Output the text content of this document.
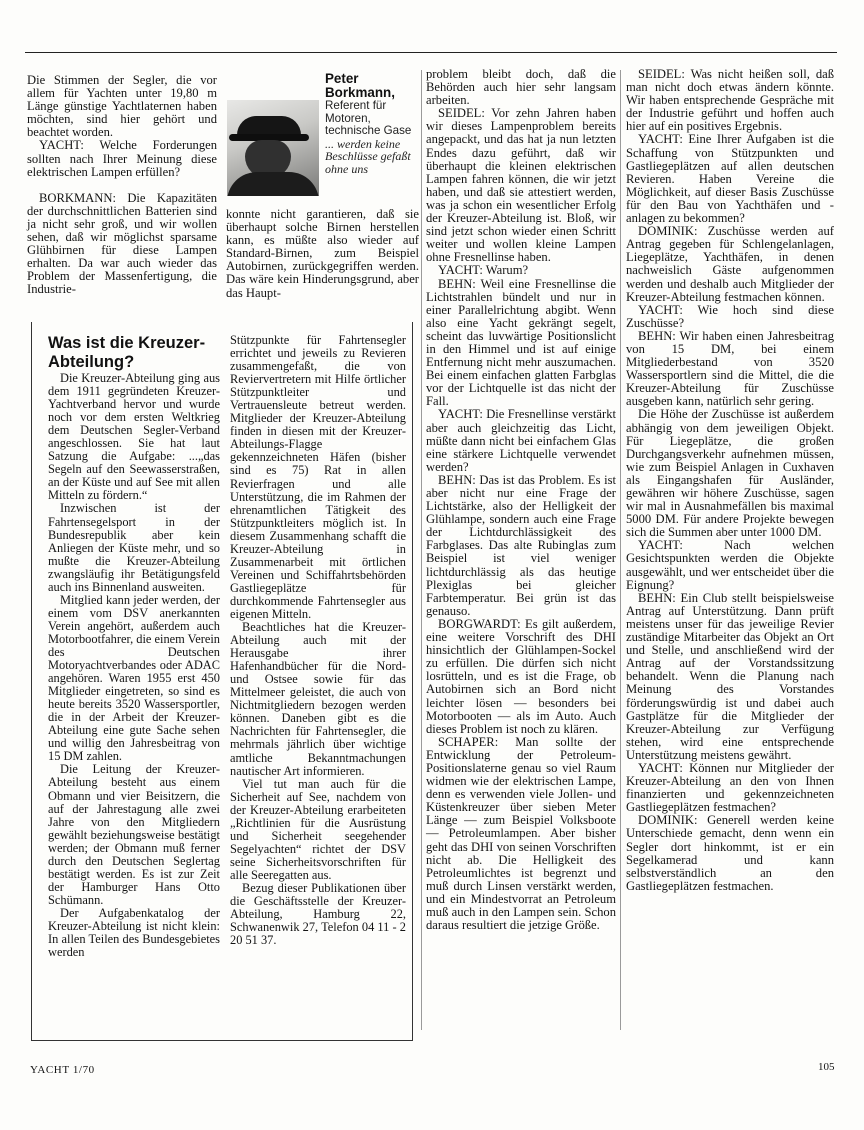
Die Stimmen der Segler, die vor allem für Yachten unter 19,80 m Länge günstige Yachtlaternen haben möchten, sind hier gehört und beachtet worden.

YACHT: Welche Forderungen sollten nach Ihrer Meinung diese elektrischen Lampen erfüllen?

BORKMANN: Die Kapazitäten der durchschnittlichen Batterien sind ja nicht sehr groß, und wir wollen sehen, daß wir möglichst sparsame Glühbirnen für diese Lampen erhalten. Da war auch wieder das Problem der Massenfertigung, die Industrie-

Peter Borkmann,
Referent für Motoren, technische Gase
... werden keine Beschlüsse gefaßt ohne uns

konnte nicht garantieren, daß sie überhaupt solche Birnen herstellen kann, es müßte also wieder auf Standard-Birnen, zum Beispiel Autobirnen, zurückgegriffen werden. Das wäre kein Hinderungsgrund, aber das Haupt-

problem bleibt doch, daß die Behörden auch hier sehr langsam arbeiten.

SEIDEL: Vor zehn Jahren haben wir dieses Lampenproblem bereits angepackt, und das hat ja nun letzten Endes dazu geführt, daß wir überhaupt die kleinen elektrischen Lampen fahren können, die wir jetzt haben, und daß sie attestiert werden, was ja schon ein wesentlicher Erfolg der Kreuzer-Abteilung ist. Bloß, wir sind jetzt schon wieder einen Schritt weiter und wollen kleine Lampen ohne Fresnellinse haben.

YACHT: Warum?

BEHN: Weil eine Fresnellinse die Lichtstrahlen bündelt und nur in einer Parallelrichtung abgibt. Wenn also eine Yacht gekrängt segelt, scheint das luvwärtige Positionslicht in den Himmel und ist auf einige Entfernung nicht mehr auszumachen. Bei einem einfachen glatten Farbglas vor der Lichtquelle ist das nicht der Fall.

YACHT: Die Fresnellinse verstärkt aber auch gleichzeitig das Licht, müßte dann nicht bei einfachem Glas eine stärkere Lichtquelle verwendet werden?

BEHN: Das ist das Problem. Es ist aber nicht nur eine Frage der Lichtstärke, also der Helligkeit der Glühlampe, sondern auch eine Frage der Lichtdurchlässigkeit des Farbglases. Das alte Rubinglas zum Beispiel ist viel weniger lichtdurchlässig als das heutige Plexiglas bei gleicher Farbtemperatur. Bei grün ist das genauso.

BORGWARDT: Es gilt außerdem, eine weitere Vorschrift des DHI hinsichtlich der Glühlampen-Sockel zu erfüllen. Die dürfen sich nicht losrütteln, und es ist die Frage, ob Autobirnen sich an Bord nicht leichter lösen — besonders bei Motorbooten — als im Auto. Auch dieses Problem ist noch zu klären.

SCHAPER: Man sollte der Entwicklung der Petroleum-Positionslaterne genau so viel Raum widmen wie der elektrischen Lampe, denn es verwenden viele Jollen- und Küstenkreuzer über sieben Meter Länge — zum Beispiel Volksboote — Petroleumlampen. Aber bisher geht das DHI von seinen Vorschriften nicht ab. Die Helligkeit des Petroleumlichtes ist begrenzt und muß durch Linsen verstärkt werden, und ein Mindestvorrat an Petroleum muß auch in den Lampen sein. Schon daraus resultiert die jetzige Größe.

SEIDEL: Was nicht heißen soll, daß man nicht doch etwas ändern könnte. Wir haben entsprechende Gespräche mit der Industrie geführt und hoffen auch hier auf ein positives Ergebnis.

YACHT: Eine Ihrer Aufgaben ist die Schaffung von Stützpunkten und Gastliegeplätzen auf allen deutschen Revieren. Haben Vereine die Möglichkeit, auf dieser Basis Zuschüsse für den Bau von Yachthäfen und -anlagen zu bekommen?

DOMINIK: Zuschüsse werden auf Antrag gegeben für Schlengelanlagen, Liegeplätze, Yachthäfen, in denen nachweislich Gäste aufgenommen werden und deshalb auch Mitglieder der Kreuzer-Abteilung festmachen können.

YACHT: Wie hoch sind diese Zuschüsse?

BEHN: Wir haben einen Jahresbeitrag von 15 DM, bei einem Mitgliederbestand von 3520 Wassersportlern sind die Mittel, die die Kreuzer-Abteilung für Zuschüsse ausgeben kann, natürlich sehr gering.

Die Höhe der Zuschüsse ist außerdem abhängig von dem jeweiligen Objekt. Für Liegeplätze, die großen Durchgangsverkehr aufnehmen müssen, wie zum Beispiel Anlagen in Cuxhaven als Eingangshafen für Ausländer, gewähren wir höhere Zuschüsse, sagen wir mal in Ausnahmefällen bis maximal 5000 DM. Für andere Projekte bewegen sich die Summen aber unter 1000 DM.

YACHT: Nach welchen Gesichtspunkten werden die Objekte ausgewählt, und wer entscheidet über die Eignung?

BEHN: Ein Club stellt beispielsweise Antrag auf Unterstützung. Dann prüft meistens unser für das jeweilige Revier zuständige Mitarbeiter das Objekt an Ort und Stelle, und anschließend wird der Antrag auf der Vorstandssitzung behandelt. Wenn die Planung nach Meinung des Vorstandes förderungswürdig ist und dabei auch Gastplätze für die Mitglieder der Kreuzer-Abteilung zur Verfügung stehen, wird eine entsprechende Unterstützung meistens gewährt.

YACHT: Können nur Mitglieder der Kreuzer-Abteilung an den von Ihnen finanzierten und gekennzeichneten Gastliegeplätzen festmachen?

DOMINIK: Generell werden keine Unterschiede gemacht, denn wenn ein Segler dort hinkommt, ist er ein Segelkamerad und kann selbstverständlich an den Gastliegeplätzen festmachen.

Was ist die Kreuzer-Abteilung?

Die Kreuzer-Abteilung ging aus dem 1911 gegründeten Kreuzer-Yachtverband hervor und wurde noch vor dem ersten Weltkrieg dem Deutschen Segler-Verband angeschlossen. Sie hat laut Satzung die Aufgabe: ...„das Segeln auf den Seewasserstraßen, an der Küste und auf See mit allen Mitteln zu fördern.“

Inzwischen ist der Fahrtensegelsport in der Bundesrepublik aber kein Anliegen der Küste mehr, und so mußte die Kreuzer-Abteilung zwangsläufig ihr Betätigungsfeld auch ins Binnenland ausweiten.

Mitglied kann jeder werden, der einem vom DSV anerkannten Verein angehört, außerdem auch Motorbootfahrer, die einem Verein des Deutschen Motoryachtverbandes oder ADAC angehören. Waren 1955 erst 450 Mitglieder eingetreten, so sind es heute bereits 3520 Wassersportler, die in der Arbeit der Kreuzer-Abteilung eine gute Sache sehen und willig den Jahresbeitrag von 15 DM zahlen.

Die Leitung der Kreuzer-Abteilung besteht aus einem Obmann und vier Beisitzern, die auf der Jahrestagung alle zwei Jahre von den Mitgliedern gewählt beziehungsweise bestätigt werden; der Obmann muß ferner durch den Deutschen Seglertag bestätigt werden. Es ist zur Zeit der Hamburger Hans Otto Schümann.

Der Aufgabenkatalog der Kreuzer-Abteilung ist nicht klein: In allen Teilen des Bundesgebietes werden

Stützpunkte für Fahrtensegler errichtet und jeweils zu Revieren zusammengefaßt, die von Reviervertretern mit Hilfe örtlicher Stützpunktleiter und Vertrauensleute betreut werden. Mitglieder der Kreuzer-Abteilung finden in diesen mit der Kreuzer-Abteilungs-Flagge gekennzeichneten Häfen (bisher sind es 75) Rat in allen Revierfragen und alle Unterstützung, die im Rahmen der ehrenamtlichen Tätigkeit des Stützpunktleiters möglich ist. In diesem Zusammenhang schafft die Kreuzer-Abteilung in Zusammenarbeit mit örtlichen Vereinen und Schiffahrtsbehörden Gastliegeplätze für durchkommende Fahrtensegler aus eigenen Mitteln.

Beachtliches hat die Kreuzer-Abteilung auch mit der Herausgabe ihrer Hafenhandbücher für die Nord- und Ostsee sowie für das Mittelmeer geleistet, die auch von Nichtmitgliedern bezogen werden können. Daneben gibt es die Nachrichten für Fahrtensegler, die mehrmals jährlich über wichtige amtliche Bekanntmachungen nautischer Art informieren.

Viel tut man auch für die Sicherheit auf See, nachdem von der Kreuzer-Abteilung erarbeiteten „Richtlinien für die Ausrüstung und Sicherheit seegehender Segelyachten“ richtet der DSV seine Sicherheitsvorschriften für alle Seeregatten aus.

Bezug dieser Publikationen über die Geschäftsstelle der Kreuzer-Abteilung, Hamburg 22, Schwanenwik 27, Telefon 04 11 - 2 20 51 37.

YACHT 1/70	105
